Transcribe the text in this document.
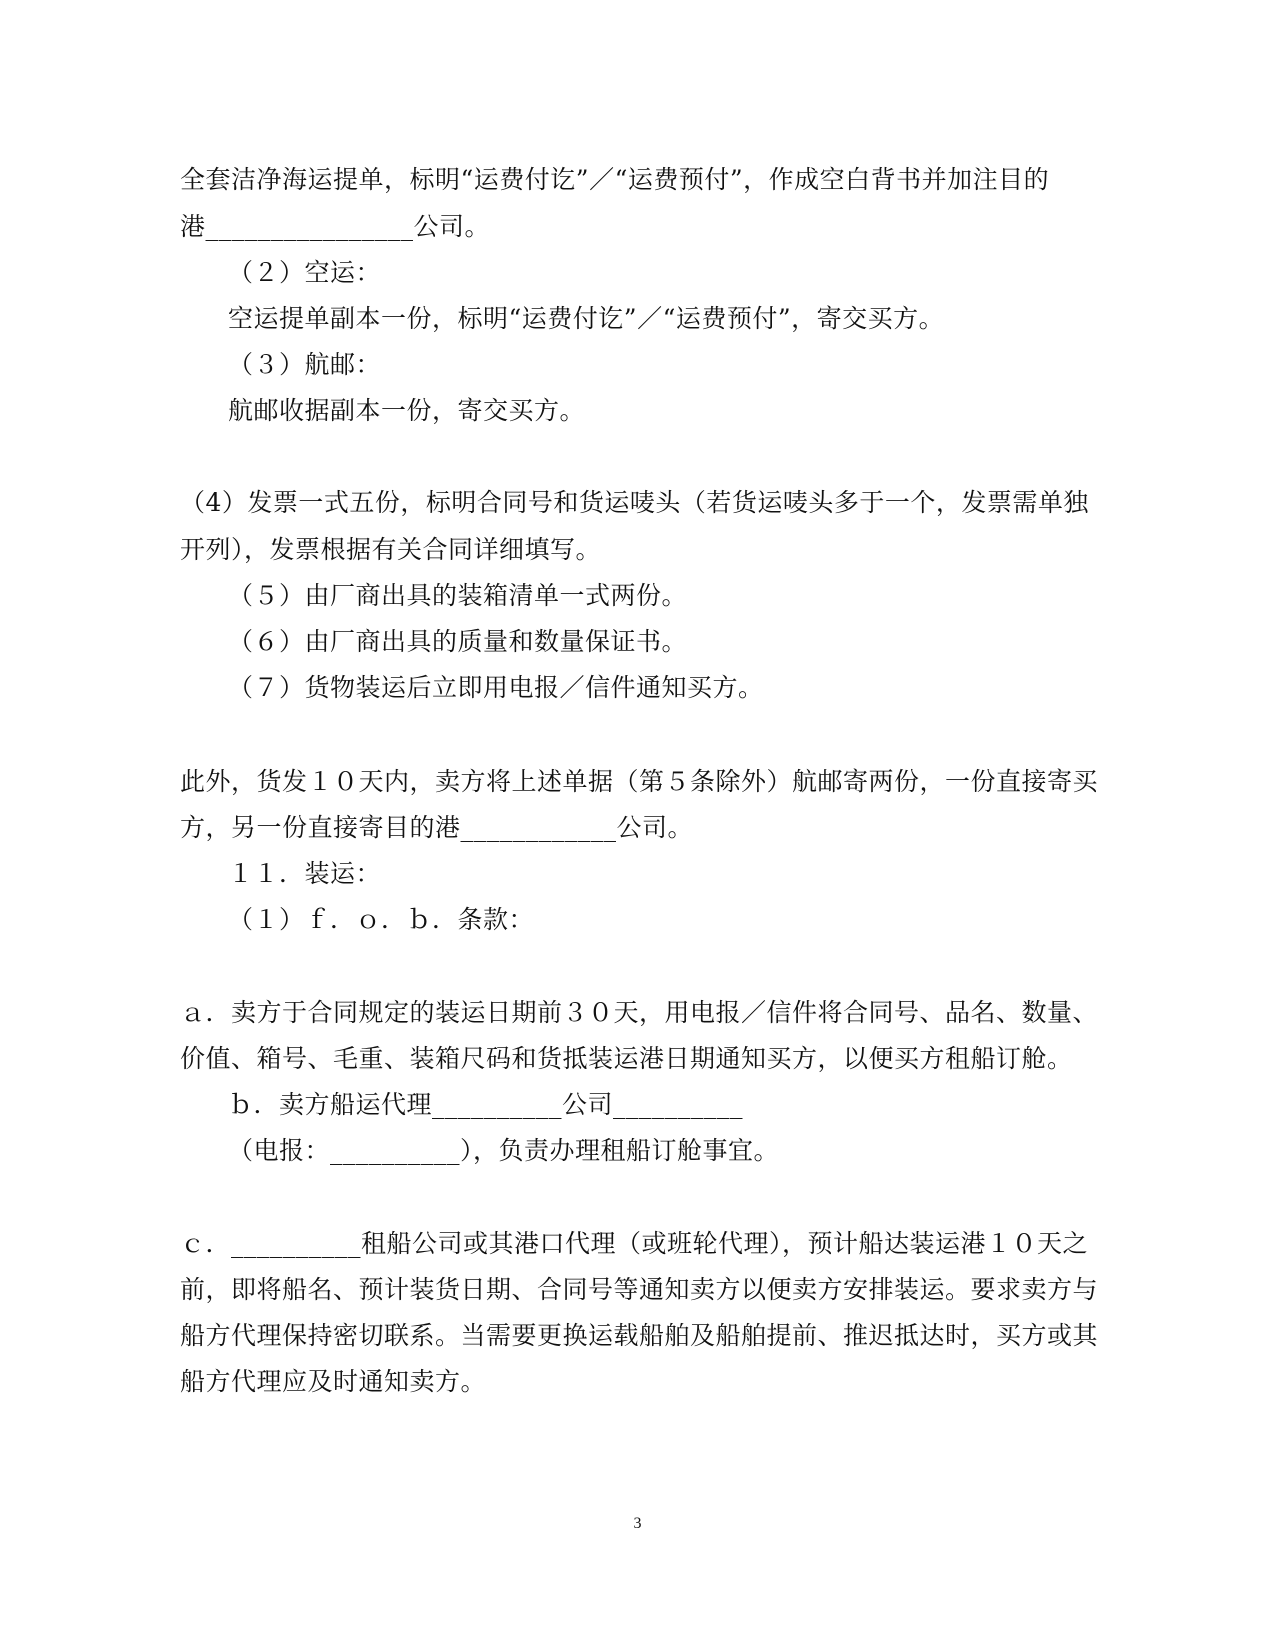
全套洁净海运提单，标明“运费付讫”／“运费预付”，作成空白背书并加注目的
港________________公司。
（２）空运：
空运提单副本一份，标明“运费付讫”／“运费预付”，寄交买方。
（３）航邮：
航邮收据副本一份，寄交买方。
（4）发票一式五份，标明合同号和货运唛头（若货运唛头多于一个，发票需单独
开列），发票根据有关合同详细填写。
（５）由厂商出具的装箱清单一式两份。
（６）由厂商出具的质量和数量保证书。
（７）货物装运后立即用电报／信件通知买方。
此外，货发１０天内，卖方将上述单据（第５条除外）航邮寄两份，一份直接寄买
方，另一份直接寄目的港____________公司。
１１．装运：
（１）ｆ．ｏ．ｂ．条款：
ａ．卖方于合同规定的装运日期前３０天，用电报／信件将合同号、品名、数量、
价值、箱号、毛重、装箱尺码和货抵装运港日期通知买方，以便买方租船订舱。
ｂ．卖方船运代理__________公司__________
（电报：__________），负责办理租船订舱事宜。
ｃ．__________租船公司或其港口代理（或班轮代理），预计船达装运港１０天之
前，即将船名、预计装货日期、合同号等通知卖方以便卖方安排装运。要求卖方与
船方代理保持密切联系。当需要更换运载船舶及船舶提前、推迟抵达时，买方或其
船方代理应及时通知卖方。
3
